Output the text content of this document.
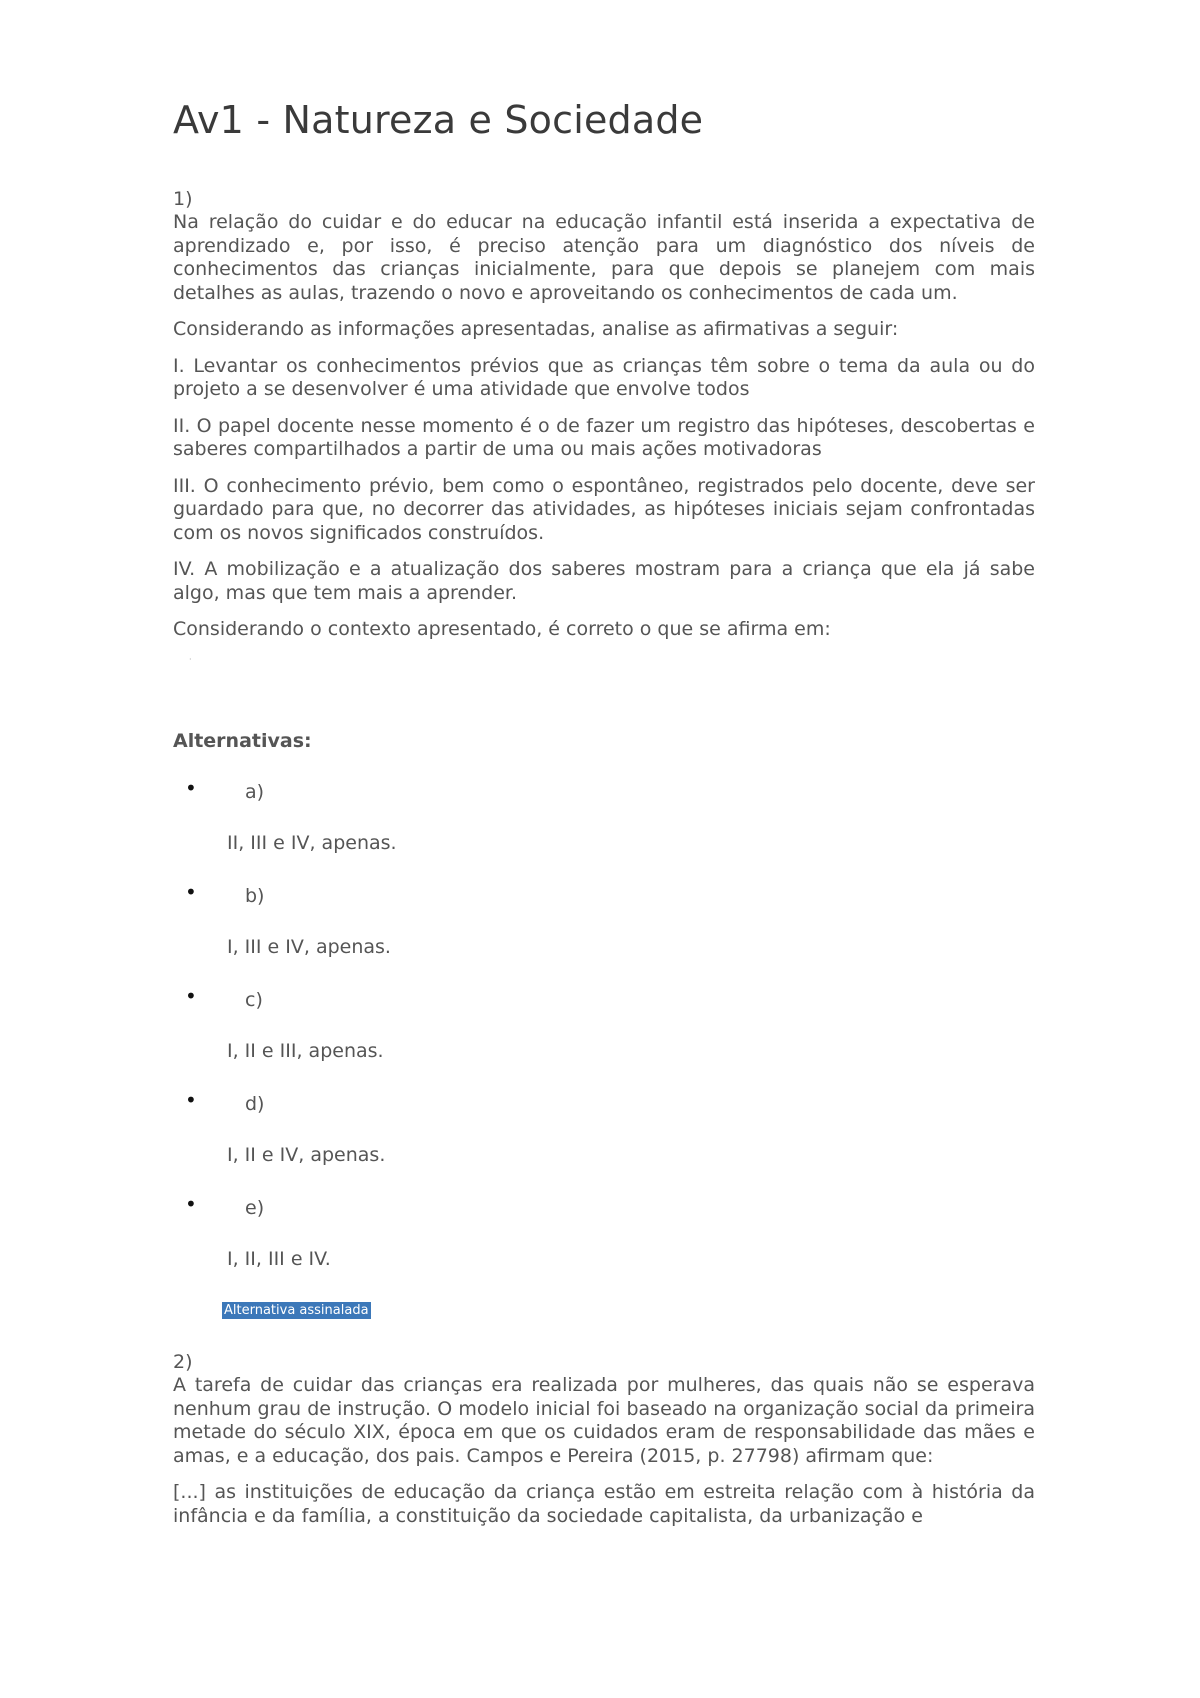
Av1 - Natureza e Sociedade

1)

Na relação do cuidar e do educar na educação infantil está inserida a expectativa de aprendizado e, por isso, é preciso atenção para um diagnóstico dos níveis de conhecimentos das crianças inicialmente, para que depois se planejem com mais detalhes as aulas, trazendo o novo e aproveitando os conhecimentos de cada um.

Considerando as informações apresentadas, analise as afirmativas a seguir:

I. Levantar os conhecimentos prévios que as crianças têm sobre o tema da aula ou do projeto a se desenvolver é uma atividade que envolve todos

II. O papel docente nesse momento é o de fazer um registro das hipóteses, descobertas e saberes compartilhados a partir de uma ou mais ações motivadoras

III. O conhecimento prévio, bem como o espontâneo, registrados pelo docente, deve ser guardado para que, no decorrer das atividades, as hipóteses iniciais sejam confrontadas com os novos significados construídos.

IV. A mobilização e a atualização dos saberes mostram para a criança que ela já sabe algo, mas que tem mais a aprender.

Considerando o contexto apresentado, é correto o que se afirma em:

·
Alternativas:
•	a)
II, III e IV, apenas.
•	b)
I, III e IV, apenas.
•	c)
I, II e III, apenas.
•	d)
I, II e IV, apenas.
•	e)
I, II, III e IV.

2)

A tarefa de cuidar das crianças era realizada por mulheres, das quais não se esperava nenhum grau de instrução. O modelo inicial foi baseado na organização social da primeira metade do século XIX, época em que os cuidados eram de responsabilidade das mães e amas, e a educação, dos pais. Campos e Pereira (2015, p. 27798) afirmam que:

[...] as instituições de educação da criança estão em estreita relação com à história da infância e da família, a constituição da sociedade capitalista, da urbanização e

Alternativa assinalada
